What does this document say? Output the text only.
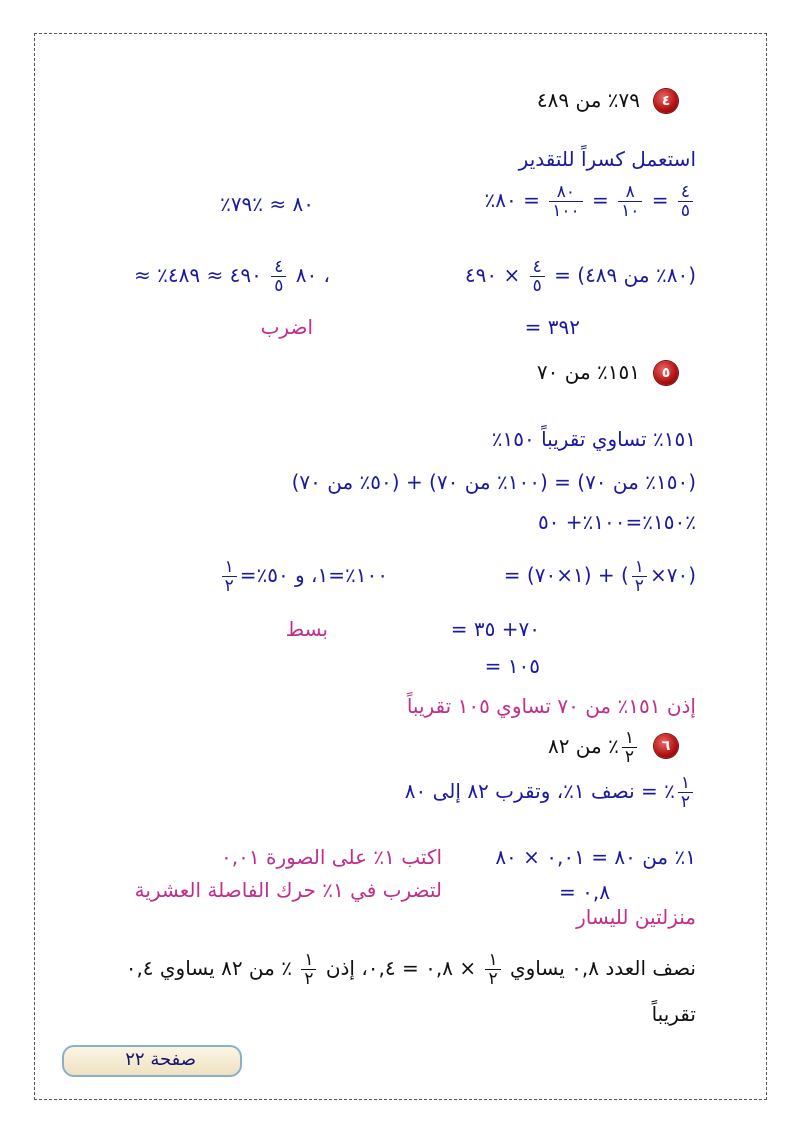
٤
٧٩٪ من ٤٨٩
استعمل كسراً للتقدير
٪٨٠ ≈ ٪٧٩	٪٨٠ = $\frac{٨٠}{١٠٠} = \frac{٨}{١٠} = \frac{٤}{٥}$
≈ ٪٨٠
$\frac{٤}{٥}$
٤٩٠ ≈ ٤٨٩ ،	(٨٠٪ من ٤٨٩) =
$\frac{٤}{٥}$
× ٤٩٠
= ٣٩٢
اضرب
٥
١٥١٪ من ٧٠
١٥١٪ تساوي تقريباً ١٥٠٪
(١٥٠٪ من ٧٠) = (١٠٠٪ من ٧٠) + (٥٠٪ من ٧٠)
١٥٠٪=١٠٠٪+ ٥٠٪
= (١×٧٠) + ( $\frac{١}{٢}$ ×٧٠)
١٠٠٪=١، و ٥٠٪=
$\frac{١}{٢}$
= ٧٠+ ٣٥
بسط
= ١٠٥
إذن ١٥١٪ من ٧٠ تساوي ١٠٥ تقريباً
٦
$\frac{١}{٢}$
٪ من ٨٢
$\frac{١}{٢}$
٪ = نصف ١٪، وتقرب ٨٢ إلى ٨٠
١٪ من ٨٠ = ٠,٠١ × ٨٠
اكتب ١٪ على الصورة ٠,٠١
= ٠,٨
لتضرب في ١٪ حرك الفاصلة العشرية
منزلتين لليسار
نصف العدد ٠,٨ يساوي
$\frac{١}{٢}$
× ٠,٨ = ٠,٤، إذن
$\frac{١}{٢}$
٪ من ٨٢ يساوي ٠,٤
تقريباً
صفحة ٢٢
